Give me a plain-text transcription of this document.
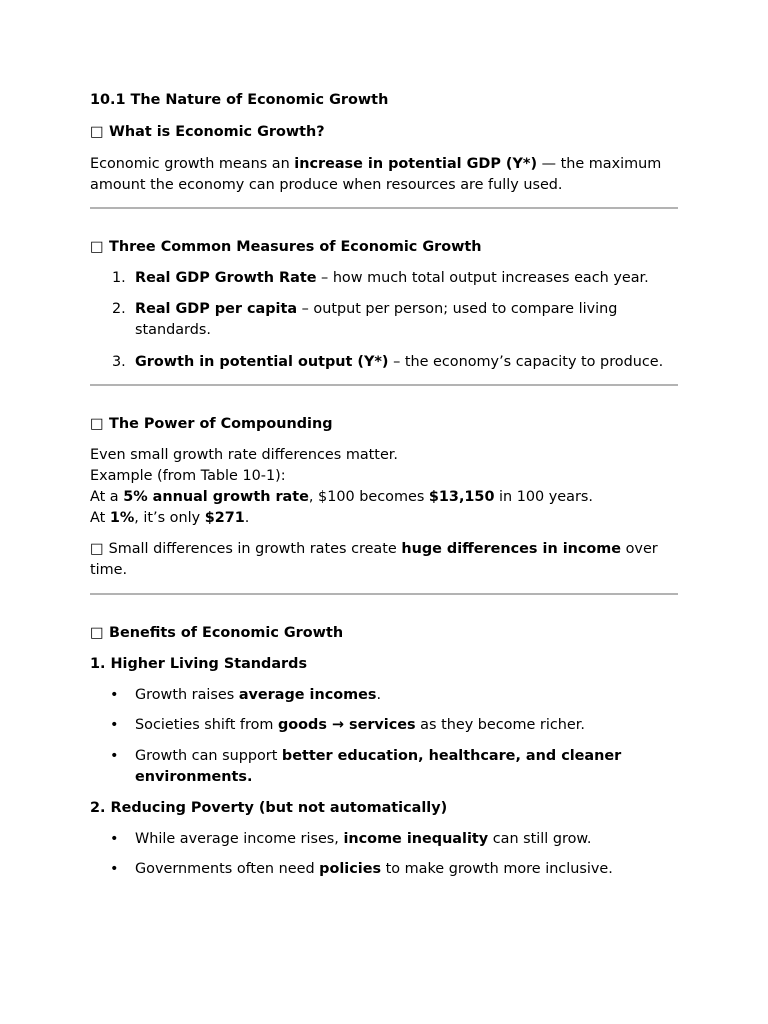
10.1 The Nature of Economic Growth
□ What is Economic Growth?

Economic growth means an increase in potential GDP (Y*) — the maximum amount the economy can produce when resources are fully used.

□ Three Common Measures of Economic Growth
1. Real GDP Growth Rate – how much total output increases each year.
2. Real GDP per capita – output per person; used to compare living standards.
3. Growth in potential output (Y*) – the economy’s capacity to produce.
□ The Power of Compounding

Even small growth rate differences matter.
Example (from Table 10-1):
At a 5% annual growth rate, $100 becomes $13,150 in 100 years.
At 1%, it’s only $271.

□ Small differences in growth rates create huge differences in income over time.

□ Benefits of Economic Growth
1. Higher Living Standards
• Growth raises average incomes.
• Societies shift from goods → services as they become richer.
• Growth can support better education, healthcare, and cleaner environments.
2. Reducing Poverty (but not automatically)
• While average income rises, income inequality can still grow.
• Governments often need policies to make growth more inclusive.
